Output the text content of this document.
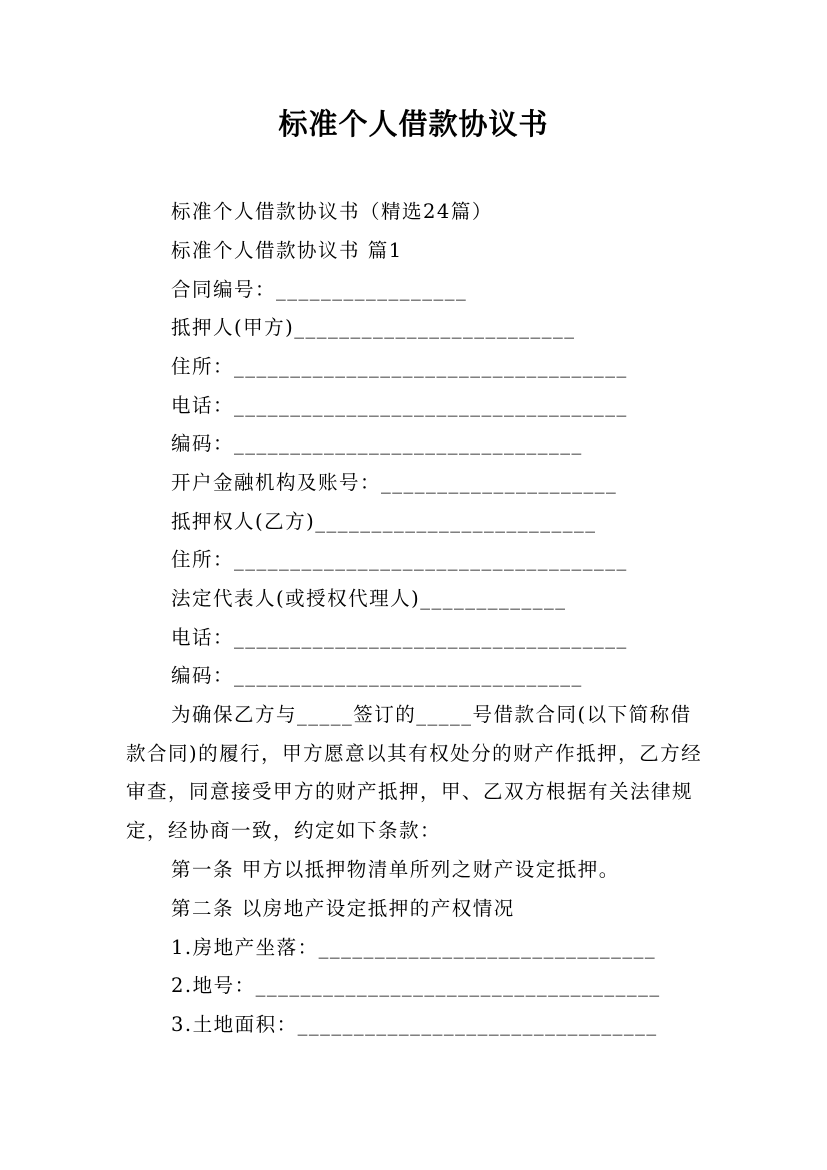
标准个人借款协议书
标准个人借款协议书（精选24篇）
标准个人借款协议书 篇1
合同编号：_________________
抵押人(甲方)_________________________
住所：___________________________________
电话：___________________________________
编码：_______________________________
开户金融机构及账号：_____________________
抵押权人(乙方)_________________________
住所：___________________________________
法定代表人(或授权代理人)_____________
电话：___________________________________
编码：_______________________________
为确保乙方与_____签订的_____号借款合同(以下简称借款合同)的履行，甲方愿意以其有权处分的财产作抵押，乙方经审查，同意接受甲方的财产抵押，甲、乙双方根据有关法律规定，经协商一致，约定如下条款：
第一条 甲方以抵押物清单所列之财产设定抵押。
第二条 以房地产设定抵押的产权情况
1.房地产坐落：______________________________
2.地号：____________________________________
3.土地面积：________________________________
